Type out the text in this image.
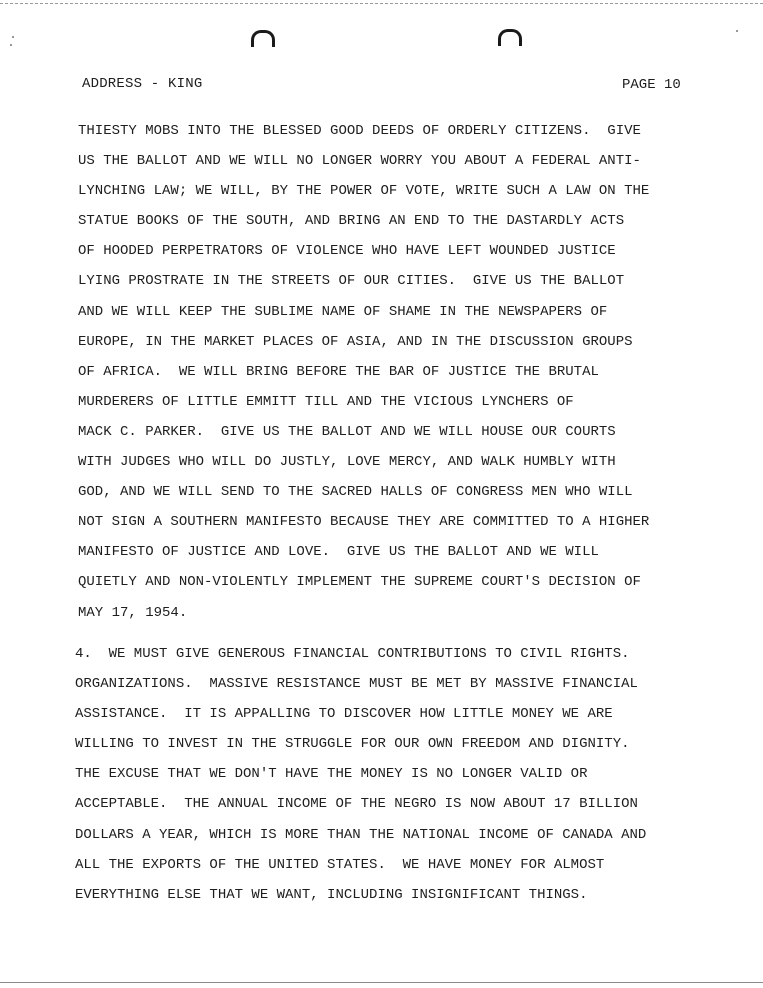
ADDRESS - KING	PAGE 10
THIESTY MOBS INTO THE BLESSED GOOD DEEDS OF ORDERLY CITIZENS.  GIVE
US THE BALLOT AND WE WILL NO LONGER WORRY YOU ABOUT A FEDERAL ANTI-
LYNCHING LAW; WE WILL, BY THE POWER OF VOTE, WRITE SUCH A LAW ON THE
STATUE BOOKS OF THE SOUTH, AND BRING AN END TO THE DASTARDLY ACTS
OF HOODED PERPETRATORS OF VIOLENCE WHO HAVE LEFT WOUNDED JUSTICE
LYING PROSTRATE IN THE STREETS OF OUR CITIES.  GIVE US THE BALLOT
AND WE WILL KEEP THE SUBLIME NAME OF SHAME IN THE NEWSPAPERS OF
EUROPE, IN THE MARKET PLACES OF ASIA, AND IN THE DISCUSSION GROUPS
OF AFRICA.  WE WILL BRING BEFORE THE BAR OF JUSTICE THE BRUTAL
MURDERERS OF LITTLE EMMITT TILL AND THE VICIOUS LYNCHERS OF
MACK C. PARKER.  GIVE US THE BALLOT AND WE WILL HOUSE OUR COURTS
WITH JUDGES WHO WILL DO JUSTLY, LOVE MERCY, AND WALK HUMBLY WITH
GOD, AND WE WILL SEND TO THE SACRED HALLS OF CONGRESS MEN WHO WILL
NOT SIGN A SOUTHERN MANIFESTO BECAUSE THEY ARE COMMITTED TO A HIGHER
MANIFESTO OF JUSTICE AND LOVE.  GIVE US THE BALLOT AND WE WILL
QUIETLY AND NON-VIOLENTLY IMPLEMENT THE SUPREME COURT'S DECISION OF
MAY 17, 1954.
4.  WE MUST GIVE GENEROUS FINANCIAL CONTRIBUTIONS TO CIVIL RIGHTS.
ORGANIZATIONS.  MASSIVE RESISTANCE MUST BE MET BY MASSIVE FINANCIAL
ASSISTANCE.  IT IS APPALLING TO DISCOVER HOW LITTLE MONEY WE ARE
WILLING TO INVEST IN THE STRUGGLE FOR OUR OWN FREEDOM AND DIGNITY.
THE EXCUSE THAT WE DON'T HAVE THE MONEY IS NO LONGER VALID OR
ACCEPTABLE.  THE ANNUAL INCOME OF THE NEGRO IS NOW ABOUT 17 BILLION
DOLLARS A YEAR, WHICH IS MORE THAN THE NATIONAL INCOME OF CANADA AND
ALL THE EXPORTS OF THE UNITED STATES.  WE HAVE MONEY FOR ALMOST
EVERYTHING ELSE THAT WE WANT, INCLUDING INSIGNIFICANT THINGS.
